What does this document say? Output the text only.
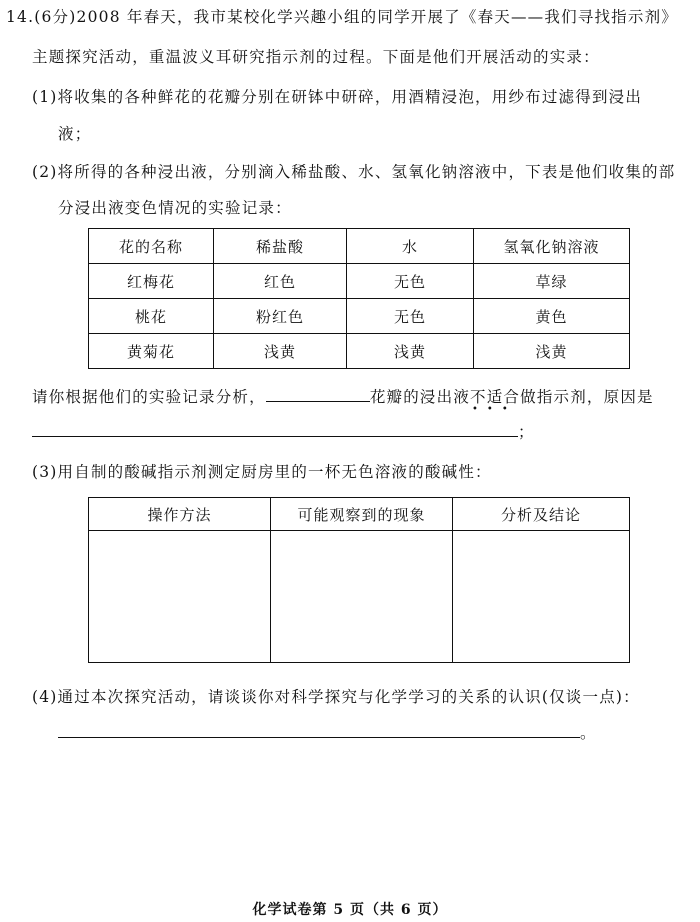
14.(6分)2008 年春天，我市某校化学兴趣小组的同学开展了《春天——我们寻找指示剂》
主题探究活动，重温波义耳研究指示剂的过程。下面是他们开展活动的实录：
(1)将收集的各种鲜花的花瓣分别在研钵中研碎，用酒精浸泡，用纱布过滤得到浸出
液；
(2)将所得的各种浸出液，分别滴入稀盐酸、水、氢氧化钠溶液中，下表是他们收集的部
分浸出液变色情况的实验记录：
花的名称	稀盐酸	水	氢氧化钠溶液
红梅花	红色	无色	草绿
桃花	粉红色	无色	黄色
黄菊花	浅黄	浅黄	浅黄
请你根据他们的实验记录分析，	花瓣的浸出液不适合
•••
做指示剂，原因是
；
(3)用自制的酸碱指示剂测定厨房里的一杯无色溶液的酸碱性：
操作方法	可能观察到的现象	分析及结论

(4)通过本次探究活动，请谈谈你对科学探究与化学学习的关系的认识(仅谈一点)：
。
化学试卷第 5 页（共 6 页）
